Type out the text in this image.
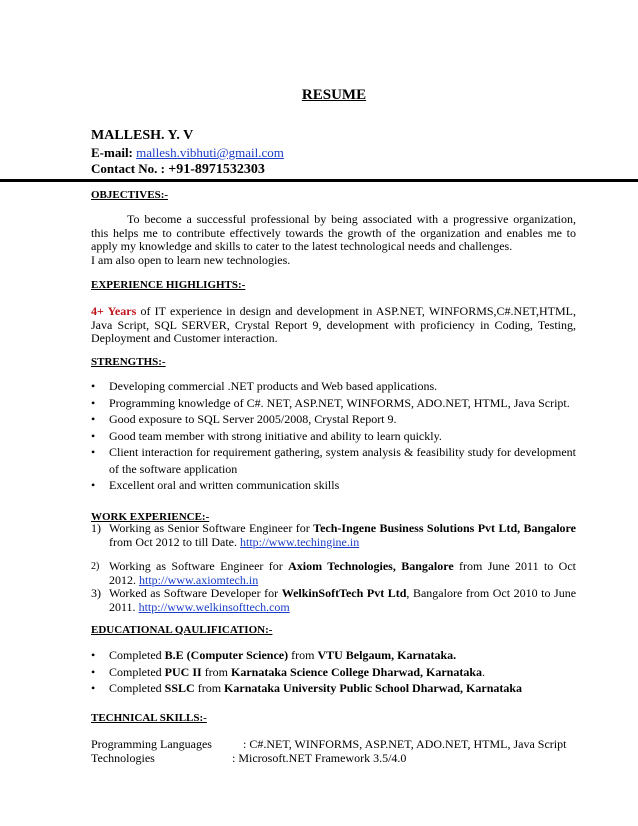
RESUME
MALLESH. Y. V
E-mail: mallesh.vibhuti@gmail.com
Contact No. : +91-8971532303
OBJECTIVES:-
To become a successful professional by being associated with a progressive organization, this helps me to contribute effectively towards the growth of the organization and enables me to apply my knowledge and skills to cater to the latest technological needs and challenges.
I am also open to learn new technologies.
EXPERIENCE HIGHLIGHTS:-
4+ Years of IT experience in design and development in ASP.NET, WINFORMS,C#.NET,HTML, Java Script, SQL SERVER, Crystal Report 9, development with proficiency in Coding, Testing, Deployment and Customer interaction.
STRENGTHS:-
• Developing commercial .NET products and Web based applications.
• Programming knowledge of C#. NET, ASP.NET, WINFORMS, ADO.NET, HTML, Java Script.
• Good exposure to SQL Server 2005/2008, Crystal Report 9.
• Good team member with strong initiative and ability to learn quickly.
• Client interaction for requirement gathering, system analysis & feasibility study for development of the software application
• Excellent oral and written communication skills
WORK EXPERIENCE:-
1) Working as Senior Software Engineer for Tech-Ingene Business Solutions Pvt Ltd, Bangalore from Oct 2012 to till Date. http://www.techingine.in
2) Working as Software Engineer for Axiom Technologies, Bangalore from June 2011 to Oct 2012. http://www.axiomtech.in
3) Worked as Software Developer for WelkinSoftTech Pvt Ltd, Bangalore from Oct 2010 to June 2011. http://www.welkinsofttech.com
EDUCATIONAL QAULIFICATION:-
• Completed B.E (Computer Science) from VTU Belgaum, Karnataka.
• Completed PUC II from Karnataka Science College Dharwad, Karnataka.
• Completed SSLC from Karnataka University Public School Dharwad, Karnataka
TECHNICAL SKILLS:-
Programming Languages	: C#.NET, WINFORMS, ASP.NET, ADO.NET, HTML, Java Script
Technologies	: Microsoft.NET Framework 3.5/4.0
